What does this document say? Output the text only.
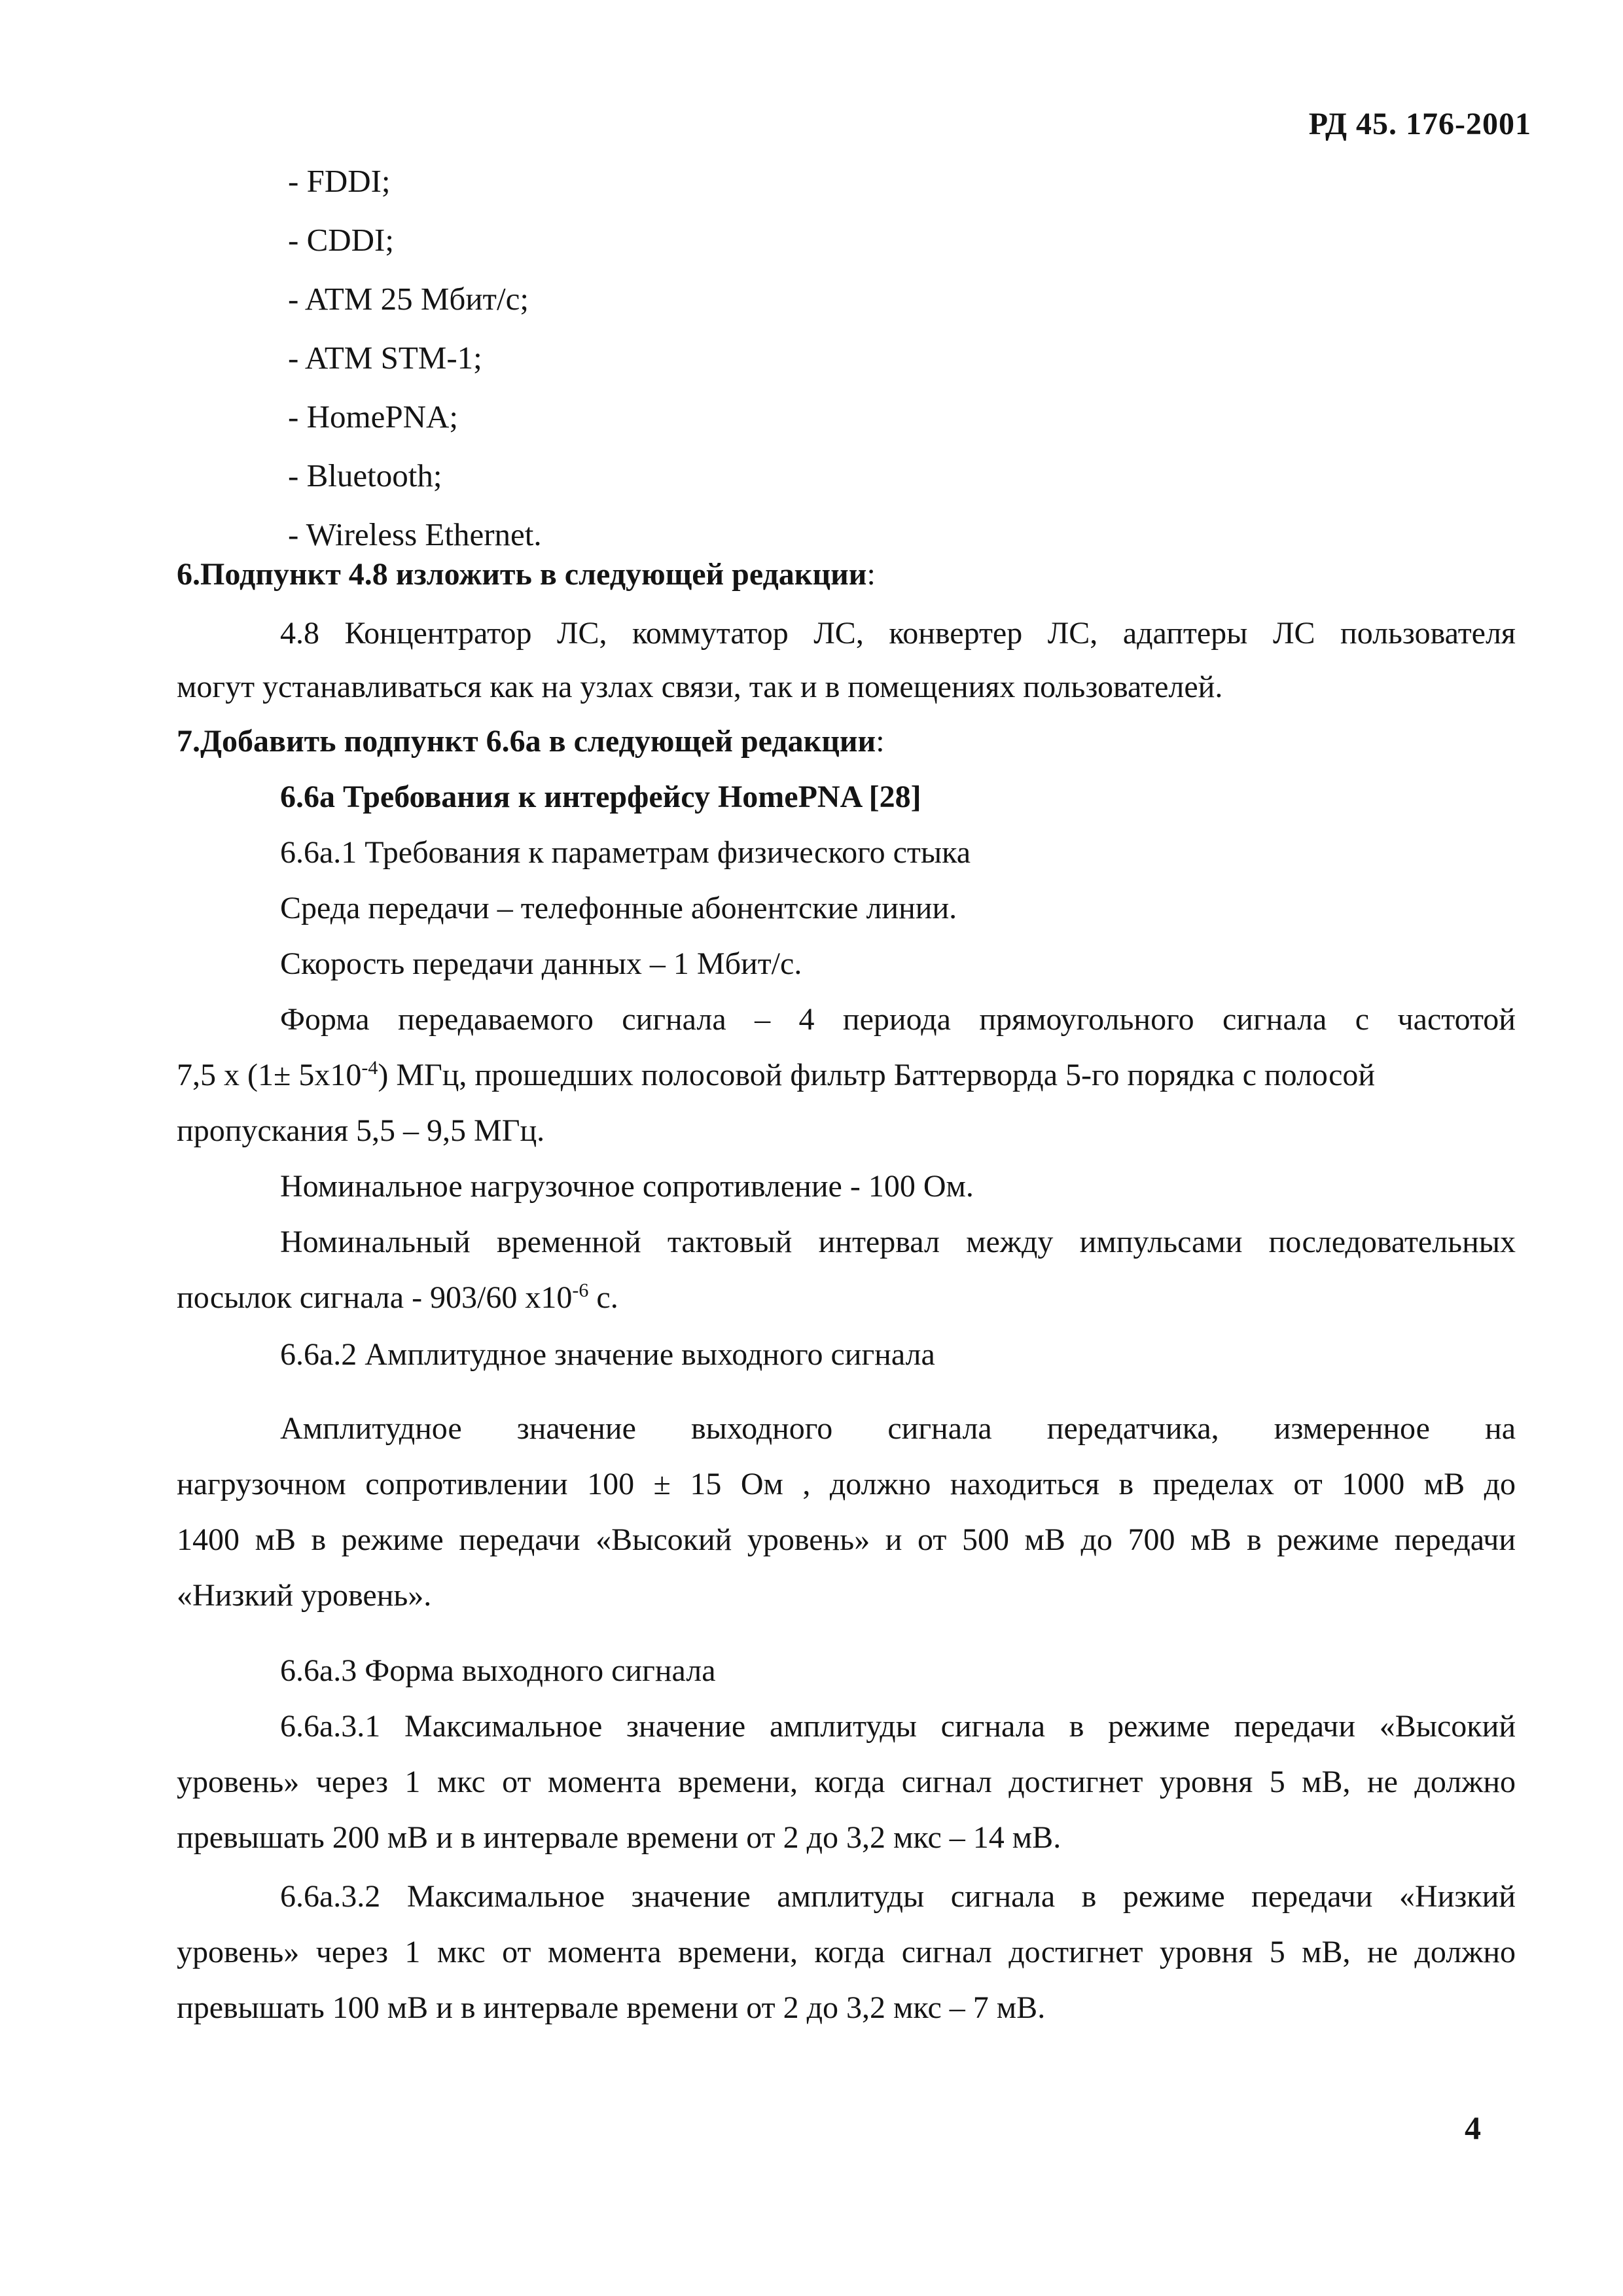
РД 45. 176-2001
- FDDI;
- CDDI;
- ATM 25 Мбит/с;
- ATM STM-1;
- HomePNA;
- Bluetooth;
- Wireless Ethernet.
6.Подпункт 4.8 изложить в следующей редакции:
4.8 Концентратор ЛС, коммутатор ЛС, конвертер ЛС, адаптеры ЛС пользователя
могут устанавливаться как на узлах связи, так и в помещениях пользователей.
7.Добавить подпункт 6.6а в следующей редакции:
6.6а Требования к интерфейсу HomePNA [28]
6.6а.1 Требования к параметрам физического стыка
Среда передачи – телефонные абонентские линии.
Скорость передачи данных – 1 Мбит/с.
Форма передаваемого сигнала – 4 периода прямоугольного сигнала с частотой
7,5 x $(1\pm 5x10^{-4})$ МГц, прошедших полосовой фильтр Баттерворда 5-го порядка с полосой
пропускания 5,5 – 9,5 МГц.
Номинальное нагрузочное сопротивление - 100 Ом.
Номинальный временной тактовый интервал между импульсами последовательных
посылок сигнала - 903/60 $x10^{-6}$ с.
6.6а.2 Амплитудное значение выходного сигнала
Амплитудное значение выходного сигнала передатчика, измеренное на
нагрузочном сопротивлении 100 ± 15 Ом , должно находиться в пределах от 1000 мВ до
1400 мВ в режиме передачи «Высокий уровень» и от 500 мВ до 700 мВ в режиме передачи
«Низкий уровень».
6.6а.3 Форма выходного сигнала
6.6а.3.1 Максимальное значение амплитуды сигнала в режиме передачи «Высокий
уровень» через 1 мкс от момента времени, когда сигнал достигнет уровня 5 мВ, не должно
превышать 200 мВ и в интервале времени от 2 до 3,2 мкс – 14 мВ.
6.6а.3.2 Максимальное значение амплитуды сигнала в режиме передачи «Низкий
уровень» через 1 мкс от момента времени, когда сигнал достигнет уровня 5 мВ, не должно
превышать 100 мВ и в интервале времени от 2 до 3,2 мкс – 7 мВ.
4
